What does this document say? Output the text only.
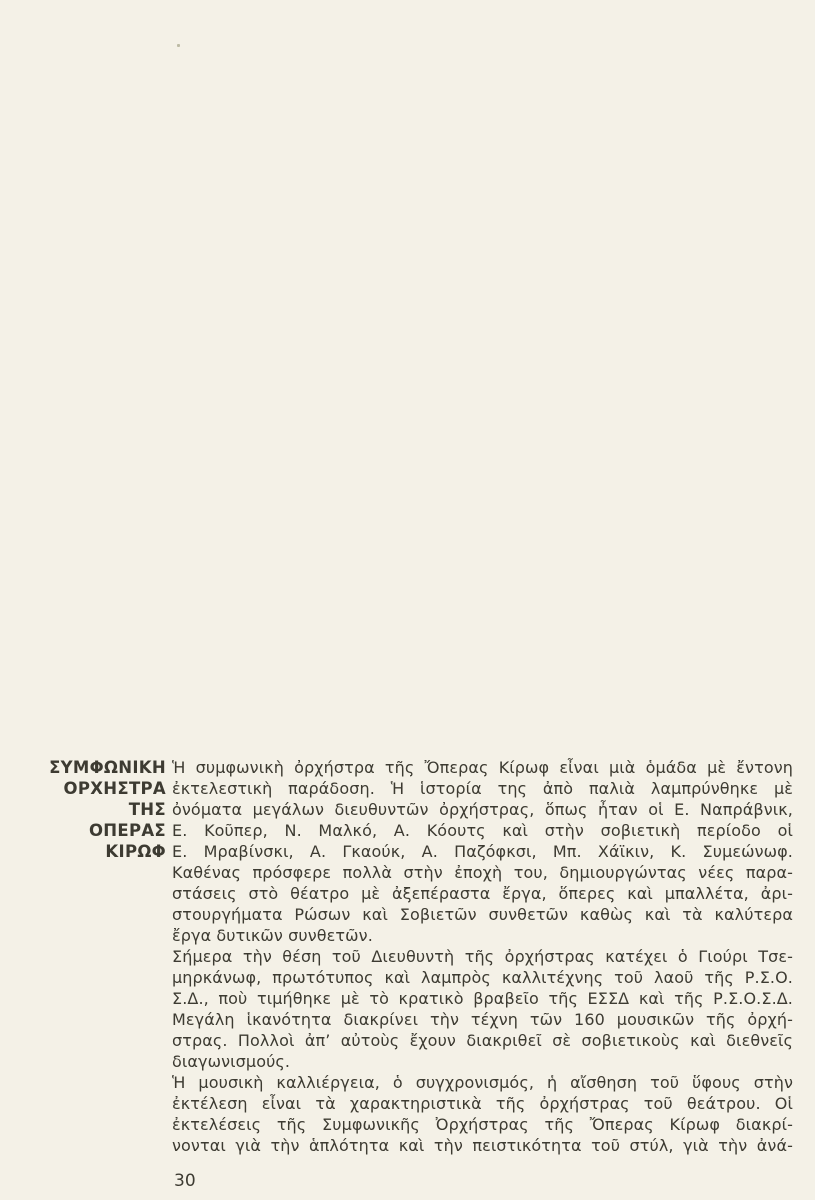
ΣΥΜΦΩΝΙΚΗ
ΟΡΧΗΣΤΡΑ
ΤΗΣ
ΟΠΕΡΑΣ
ΚΙΡΩΦ
Ἡ συμφωνικὴ ὀρχήστρα τῆς Ὄπερας Κίρωφ εἶναι μιὰ ὁμάδα μὲ ἔντονη
ἐκτελεστικὴ παράδοση. Ἡ ἱστορία της ἀπὸ παλιὰ λαμπρύνθηκε μὲ
ὀνόματα μεγάλων διευθυντῶν ὀρχήστρας, ὅπως ἦταν οἱ Ε. Ναπράβνικ,
Ε. Κοῦπερ, Ν. Μαλκό, Α. Κόουτς καὶ στὴν σοβιετικὴ περίοδο οἱ
Ε. Μραβίνσκι, Α. Γκαούκ, Α. Παζόφκσι, Μπ. Χάϊκιν, Κ. Συμεώνωφ.
Καθένας πρόσφερε πολλὰ στὴν ἐποχὴ του, δημιουργώντας νέες παρα-
στάσεις στὸ θέατρο μὲ ἀξεπέραστα ἔργα, ὅπερες καὶ μπαλλέτα, ἀρι-
στουργήματα Ρώσων καὶ Σοβιετῶν συνθετῶν καθὼς καὶ τὰ καλύτερα
ἔργα δυτικῶν συνθετῶν.
Σήμερα τὴν θέση τοῦ Διευθυντὴ τῆς ὀρχήστρας κατέχει ὁ Γιούρι Τσε-
μηρκάνωφ, πρωτότυπος καὶ λαμπρὸς καλλιτέχνης τοῦ λαοῦ τῆς Ρ.Σ.Ο.
Σ.Δ., ποὺ τιμήθηκε μὲ τὸ κρατικὸ βραβεῖο τῆς ΕΣΣΔ καὶ τῆς Ρ.Σ.Ο.Σ.Δ.
Μεγάλη ἱκανότητα διακρίνει τὴν τέχνη τῶν 160 μουσικῶν τῆς ὀρχή-
στρας. Πολλοὶ ἀπ’ αὐτοὺς ἔχουν διακριθεῖ σὲ σοβιετικοὺς καὶ διεθνεῖς
διαγωνισμούς.
Ἡ μουσικὴ καλλιέργεια, ὁ συγχρονισμός, ἡ αἴσθηση τοῦ ὕφους στὴν
ἐκτέλεση εἶναι τὰ χαρακτηριστικὰ τῆς ὀρχήστρας τοῦ θεάτρου. Οἱ
ἐκτελέσεις τῆς Συμφωνικῆς Ὀρχήστρας τῆς Ὄπερας Κίρωφ διακρί-
νονται γιὰ τὴν ἁπλότητα καὶ τὴν πειστικότητα τοῦ στύλ, γιὰ τὴν ἀνά-
30
